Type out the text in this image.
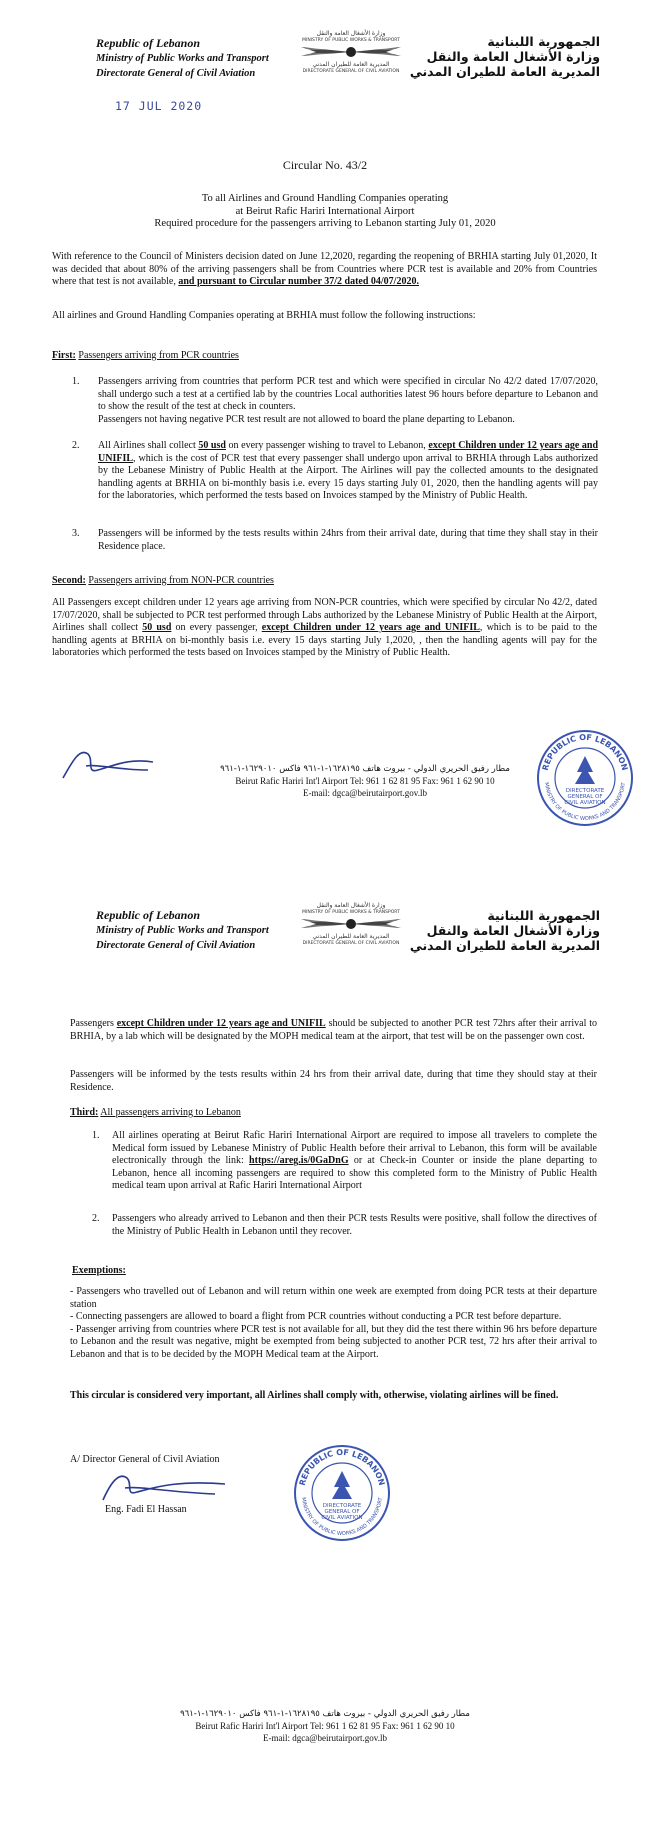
Republic of Lebanon
Ministry of Public Works and Transport
Directorate General of Civil Aviation
وزارة الأشغال العامة والنقل
MINISTRY OF PUBLIC WORKS & TRANSPORT
المديرية العامة للطيران المدني
DIRECTORATE GENERAL OF CIVIL AVIATION
الجمهورية اللبنانية
وزارة الأشغال العامة والنقل
المديرية العامة للطيران المدني
17 JUL 2020
Circular No. 43/2
To all Airlines and Ground Handling Companies operating
at Beirut Rafic Hariri International Airport
Required procedure for the passengers arriving to Lebanon starting July 01, 2020
With reference to the Council of Ministers decision dated on June 12,2020, regarding the reopening of BRHIA starting July 01,2020, It was decided that about 80% of the arriving passengers shall be from Countries where PCR test is available and 20% from Countries where that test is not available, and pursuant to Circular number 37/2 dated 04/07/2020.
All airlines and Ground Handling Companies operating at BRHIA must follow the following instructions:
First: Passengers arriving from PCR countries
1. Passengers arriving from countries that perform PCR test and which were specified in circular No 42/2 dated 17/07/2020, shall undergo such a test at a certified lab by the countries Local authorities latest 96 hours before departure to Lebanon and to show the result of the test at check in counters.
Passengers not having negative PCR test result are not allowed to board the plane departing to Lebanon.
2. All Airlines shall collect 50 usd on every passenger wishing to travel to Lebanon, except Children under 12 years age and UNIFIL, which is the cost of PCR test that every passenger shall undergo upon arrival to BRHIA through Labs authorized by the Lebanese Ministry of Public Health at the Airport. The Airlines will pay the collected amounts to the designated handling agents at BRHIA on bi-monthly basis i.e. every 15 days starting July 01, 2020, then the handling agents will pay for the laboratories, which performed the tests based on Invoices stamped by the Ministry of Public Health.
3. Passengers will be informed by the tests results within 24hrs from their arrival date, during that time they shall stay in their Residence place.
Second: Passengers arriving from NON-PCR countries
All Passengers except children under 12 years age arriving from NON-PCR countries, which were specified by circular No 42/2, dated 17/07/2020, shall be subjected to PCR test performed through Labs authorized by the Lebanese Ministry of Public Health at the Airport, Airlines shall collect 50 usd on every passenger, except Children under 12 years age and UNIFIL, which is to be paid to the handling agents at BRHIA on bi-monthly basis i.e. every 15 days starting July 1,2020, , then the handling agents will pay for the laboratories which performed the tests based on Invoices stamped by the Ministry of Public Health.
مطار رفيق الحريري الدولي - بيروت هاتف ١٦٢٨١٩٥-١-٩٦١ فاكس ١٦٢٩٠١٠-١-٩٦١
Beirut Rafic Hariri Int'l Airport Tel: 961 1 62 81 95 Fax: 961 1 62 90 10
E-mail: dgca@beirutairport.gov.lb	DIRECTORATE
GENERAL OF
CIVIL AVIATION
REPUBLIC OF LEBANON
MINISTRY OF PUBLIC WORKS AND TRANSPORT
Republic of Lebanon
Ministry of Public Works and Transport
Directorate General of Civil Aviation
وزارة الأشغال العامة والنقل
MINISTRY OF PUBLIC WORKS & TRANSPORT
المديرية العامة للطيران المدني
DIRECTORATE GENERAL OF CIVIL AVIATION
الجمهورية اللبنانية
وزارة الأشغال العامة والنقل
المديرية العامة للطيران المدني
Passengers except Children under 12 years age and UNIFIL should be subjected to another PCR test 72hrs after their arrival to BRHIA, by a lab which will be designated by the MOPH medical team at the airport, that test will be on the passenger own cost.
Passengers will be informed by the tests results within 24 hrs from their arrival date, during that time they should stay at their Residence.
Third: All passengers arriving to Lebanon
1. All airlines operating at Beirut Rafic Hariri International Airport are required to impose all travelers to complete the Medical form issued by Lebanese Ministry of Public Health before their arrival to Lebanon, this form will be available electronically through the link: https://areg.is/0GaDnG or at Check-in Counter or inside the plane departing to Lebanon, hence all incoming passengers are required to show this completed form to the Ministry of Public Health medical team upon arrival at Rafic Hariri International Airport
2. Passengers who already arrived to Lebanon and then their PCR tests Results were positive, shall follow the directives of the Ministry of Public Health in Lebanon until they recover.
Exemptions:
- Passengers who travelled out of Lebanon and will return within one week are exempted from doing PCR tests at their departure station
- Connecting passengers are allowed to board a flight from PCR countries without conducting a PCR test before departure.
- Passenger arriving from countries where PCR test is not available for all, but they did the test there within 96 hrs before departure to Lebanon and the result was negative, might be exempted from being subjected to another PCR test, 72 hrs after their arrival to Lebanon and that is to be decided by the MOPH Medical team at the Airport.
This circular is considered very important, all Airlines shall comply with, otherwise, violating airlines will be fined.
A/ Director General of Civil Aviation
Eng. Fadi El Hassan	DIRECTORATE
GENERAL OF
CIVIL AVIATION
REPUBLIC OF LEBANON
MINISTRY OF PUBLIC WORKS AND TRANSPORT
مطار رفيق الحريري الدولي - بيروت هاتف ١٦٢٨١٩٥-١-٩٦١ فاكس ١٦٢٩٠١٠-١-٩٦١
Beirut Rafic Hariri Int'l Airport Tel: 961 1 62 81 95 Fax: 961 1 62 90 10
E-mail: dgca@beirutairport.gov.lb
